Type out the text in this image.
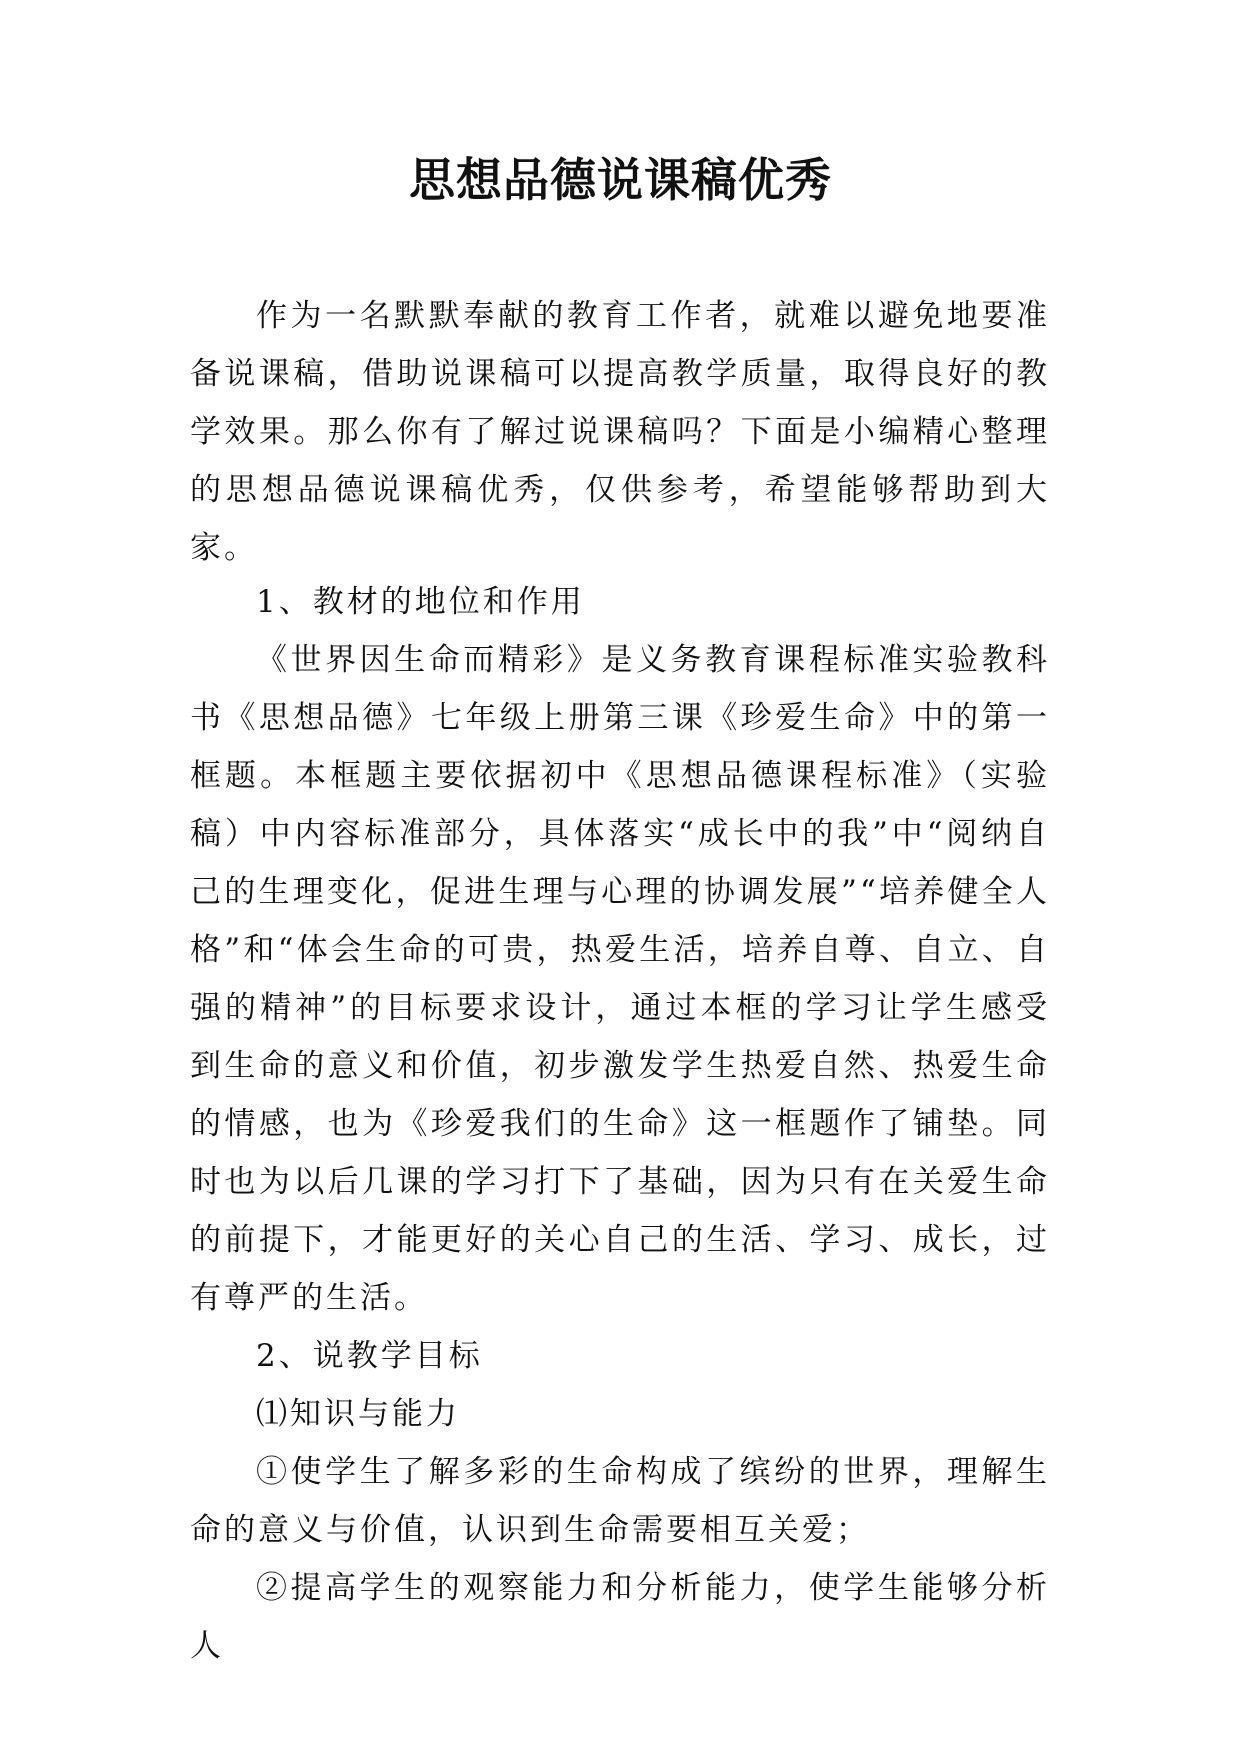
思想品德说课稿优秀

作为一名默默奉献的教育工作者，就难以避免地要准备说课稿，借助说课稿可以提高教学质量，取得良好的教学效果。那么你有了解过说课稿吗？下面是小编精心整理的思想品德说课稿优秀，仅供参考，希望能够帮助到大家。

1、教材的地位和作用

《世界因生命而精彩》是义务教育课程标准实验教科书《思想品德》七年级上册第三课《珍爱生命》中的第一框题。本框题主要依据初中《思想品德课程标准》（实验稿）中内容标准部分，具体落实“成长中的我”中“阅纳自己的生理变化，促进生理与心理的协调发展”“培养健全人格”和“体会生命的可贵，热爱生活，培养自尊、自立、自强的精神”的目标要求设计，通过本框的学习让学生感受到生命的意义和价值，初步激发学生热爱自然、热爱生命的情感，也为《珍爱我们的生命》这一框题作了铺垫。同时也为以后几课的学习打下了基础，因为只有在关爱生命的前提下，才能更好的关心自己的生活、学习、成长，过有尊严的生活。

2、说教学目标

⑴知识与能力

①使学生了解多彩的生命构成了缤纷的世界，理解生命的意义与价值，认识到生命需要相互关爱；

②提高学生的观察能力和分析能力，使学生能够分析人
